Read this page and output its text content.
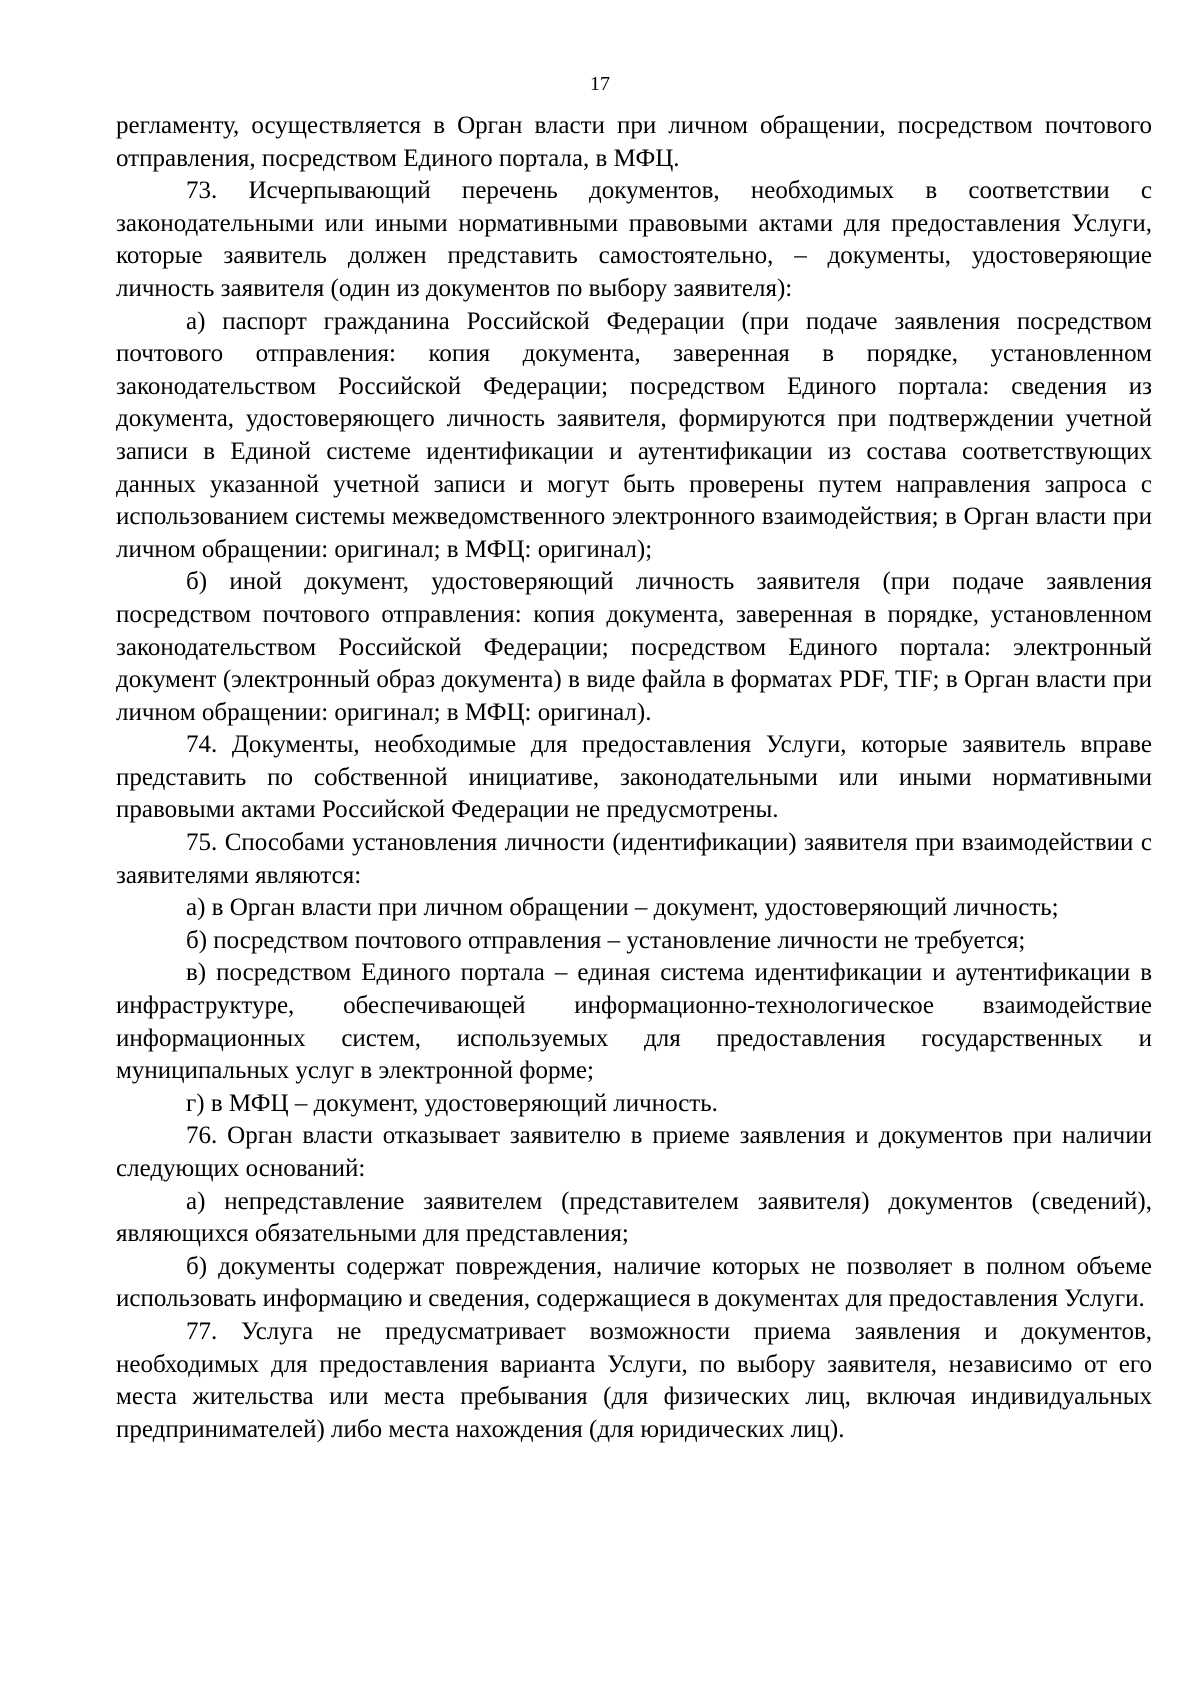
17

регламенту, осуществляется в Орган власти при личном обращении, посредством почтового отправления, посредством Единого портала, в МФЦ.

73. Исчерпывающий перечень документов, необходимых в соответствии с законодательными или иными нормативными правовыми актами для предоставления Услуги, которые заявитель должен представить самостоятельно, – документы, удостоверяющие личность заявителя (один из документов по выбору заявителя):

а) паспорт гражданина Российской Федерации (при подаче заявления посредством почтового отправления: копия документа, заверенная в порядке, установленном законодательством Российской Федерации; посредством Единого портала: сведения из документа, удостоверяющего личность заявителя, формируются при подтверждении учетной записи в Единой системе идентификации и аутентификации из состава соответствующих данных указанной учетной записи и могут быть проверены путем направления запроса с использованием системы межведомственного электронного взаимодействия; в Орган власти при личном обращении: оригинал; в МФЦ: оригинал);

б) иной документ, удостоверяющий личность заявителя (при подаче заявления посредством почтового отправления: копия документа, заверенная в порядке, установленном законодательством Российской Федерации; посредством Единого портала: электронный документ (электронный образ документа) в виде файла в форматах PDF, TIF; в Орган власти при личном обращении: оригинал; в МФЦ: оригинал).

74. Документы, необходимые для предоставления Услуги, которые заявитель вправе представить по собственной инициативе, законодательными или иными нормативными правовыми актами Российской Федерации не предусмотрены.

75. Способами установления личности (идентификации) заявителя при взаимодействии с заявителями являются:

а) в Орган власти при личном обращении – документ, удостоверяющий личность;

б) посредством почтового отправления – установление личности не требуется;

в) посредством Единого портала – единая система идентификации и аутентификации в инфраструктуре, обеспечивающей информационно-технологическое взаимодействие информационных систем, используемых для предоставления государственных и муниципальных услуг в электронной форме;

г) в МФЦ – документ, удостоверяющий личность.

76. Орган власти отказывает заявителю в приеме заявления и документов при наличии следующих оснований:

а) непредставление заявителем (представителем заявителя) документов (сведений), являющихся обязательными для представления;

б) документы содержат повреждения, наличие которых не позволяет в полном объеме использовать информацию и сведения, содержащиеся в документах для предоставления Услуги.

77. Услуга не предусматривает возможности приема заявления и документов, необходимых для предоставления варианта Услуги, по выбору заявителя, независимо от его места жительства или места пребывания (для физических лиц, включая индивидуальных предпринимателей) либо места нахождения (для юридических лиц).
